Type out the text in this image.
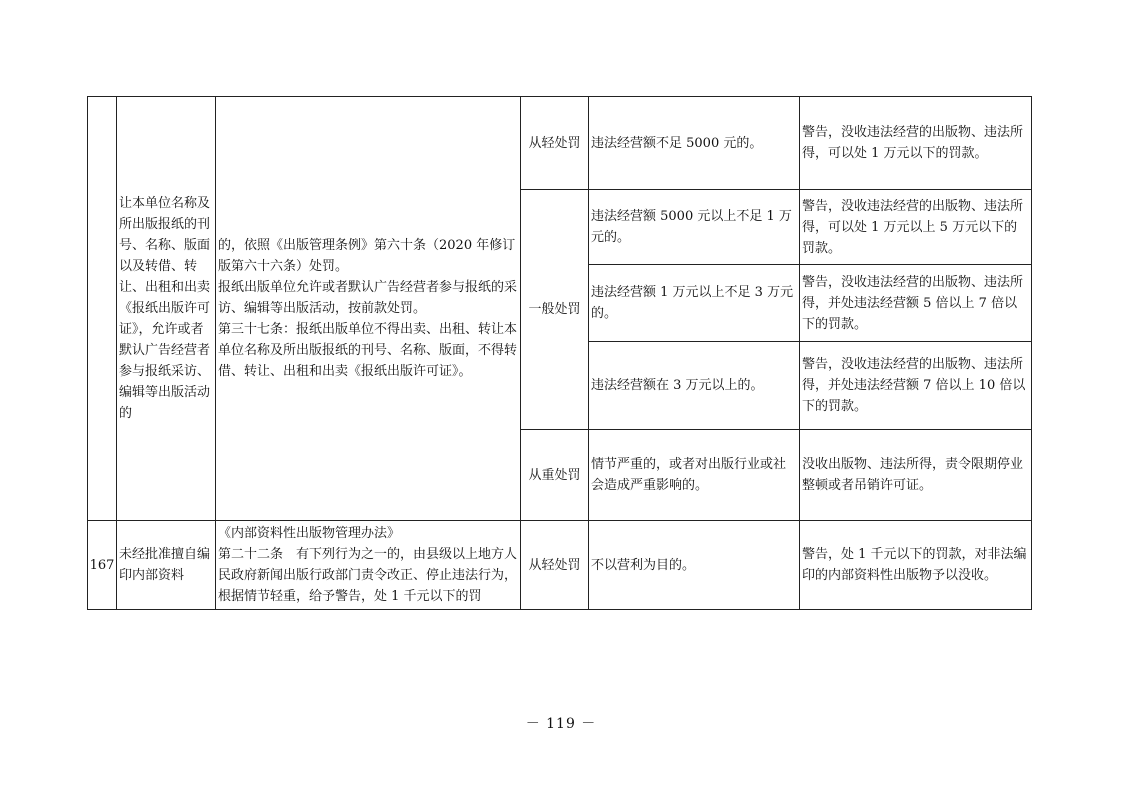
	让本单位名称及所出版报纸的刊号、名称、版面以及转借、转让、出租和出卖《报纸出版许可证》，允许或者默认广告经营者参与报纸采访、编辑等出版活动的	的，依照《出版管理条例》第六十条（2020 年修订版第六十六条）处罚。
报纸出版单位允许或者默认广告经营者参与报纸的采访、编辑等出版活动，按前款处罚。
第三十七条：报纸出版单位不得出卖、出租、转让本单位名称及所出版报纸的刊号、名称、版面，不得转借、转让、出租和出卖《报纸出版许可证》。	从轻处罚	违法经营额不足 5000 元的。	警告，没收违法经营的出版物、违法所得，可以处 1 万元以下的罚款。
			一般处罚	违法经营额 5000 元以上不足 1 万元的。	警告，没收违法经营的出版物、违法所得，可以处 1 万元以上 5 万元以下的罚款。
				违法经营额 1 万元以上不足 3 万元的。	警告，没收违法经营的出版物、违法所得，并处违法经营额 5 倍以上 7 倍以下的罚款。
				违法经营额在 3 万元以上的。	警告，没收违法经营的出版物、违法所得，并处违法经营额 7 倍以上 10 倍以下的罚款。
			从重处罚	情节严重的，或者对出版行业或社会造成严重影响的。	没收出版物、违法所得，责令限期停业整顿或者吊销许可证。
167	未经批准擅自编印内部资料	《内部资料性出版物管理办法》
第二十二条　有下列行为之一的，由县级以上地方人民政府新闻出版行政部门责令改正、停止违法行为，根据情节轻重，给予警告，处 1 千元以下的罚	从轻处罚	不以营利为目的。	警告，处 1 千元以下的罚款，对非法编印的内部资料性出版物予以没收。
－ 119 －
